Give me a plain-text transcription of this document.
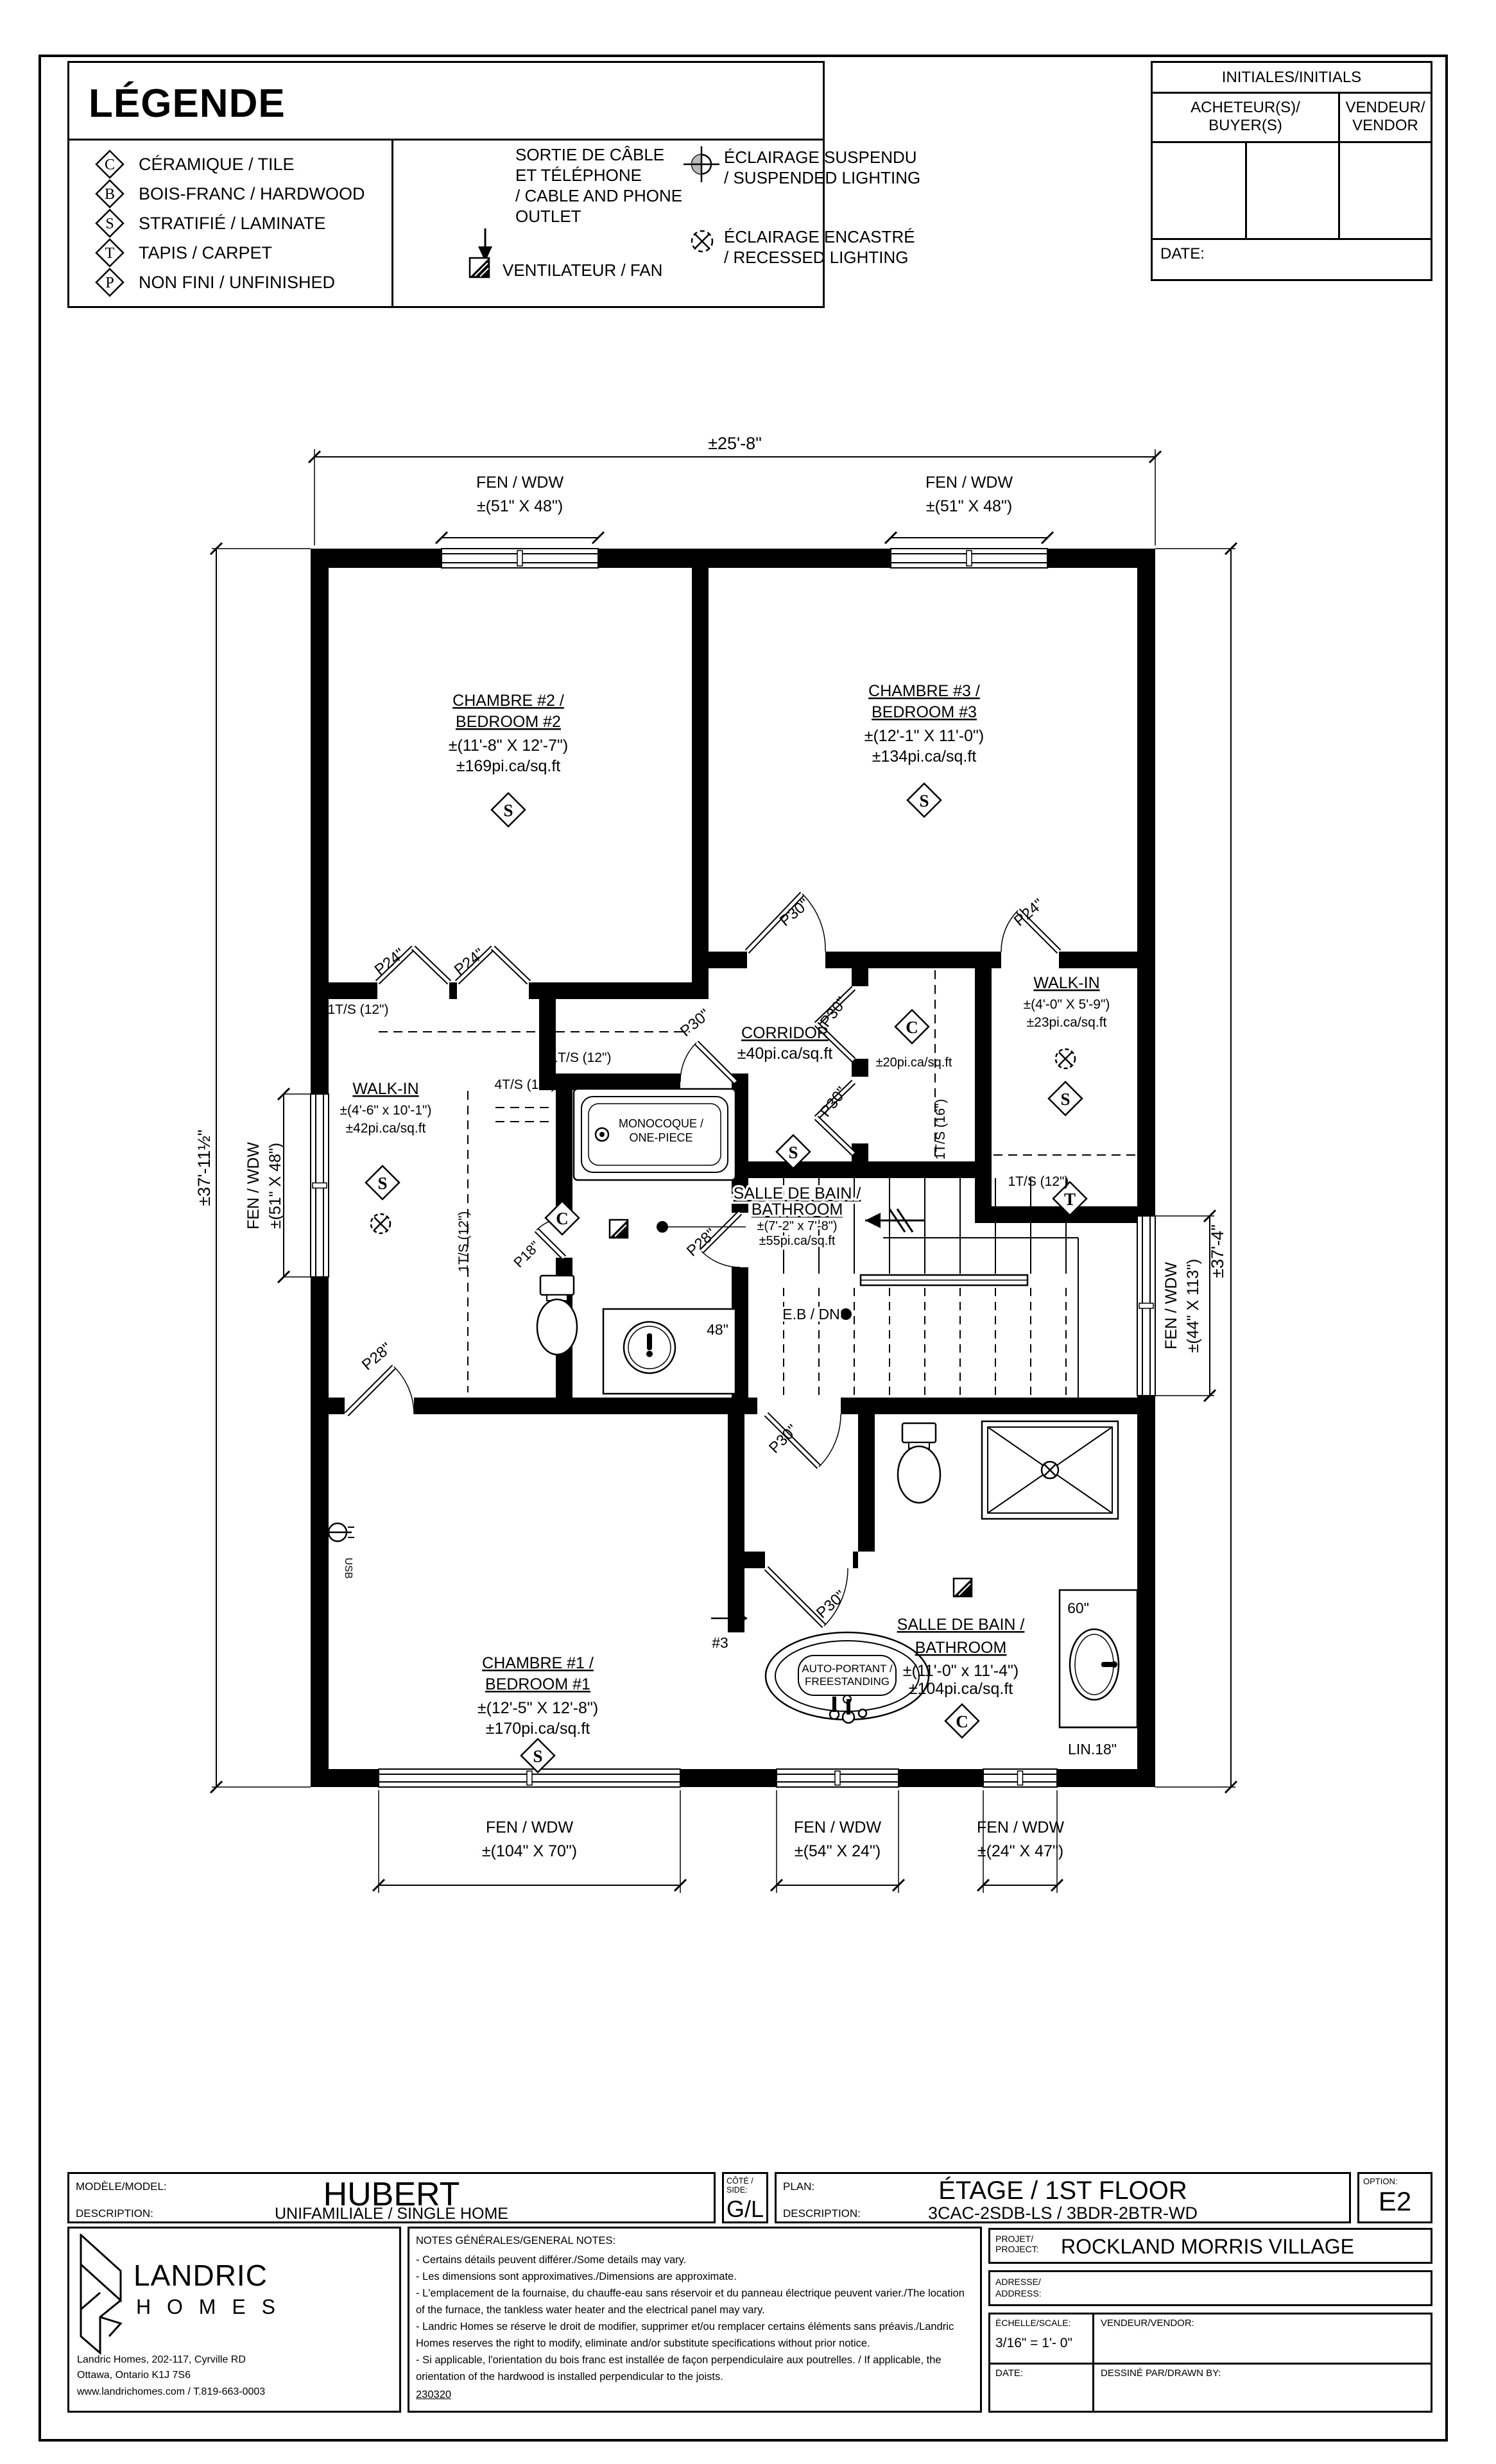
S	S
S
S
S
S
T
C
C
C
±25'-8"
±37'-11½"
±37'-4"
FEN / WDW
±(51" X 48")
FEN / WDW
±(51" X 48")
FEN / WDW ±(51" X 48")
FEN / WDW ±(44" X 113")
FEN / WDW
±(104" X 70")
FEN / WDW
±(54" X 24")
FEN / WDW
±(24" X 47")
CHAMBRE #2 /
BEDROOM #2
±(11'-8" X 12'-7")
±169pi.ca/sq.ft
CHAMBRE #3 /
BEDROOM #3
±(12'-1" X 11'-0")
±134pi.ca/sq.ft
CHAMBRE #1 /
BEDROOM #1
±(12'-5" X 12'-8")
±170pi.ca/sq.ft
WALK-IN
±(4'-6" x 10'-1")
±42pi.ca/sq.ft
WALK-IN
±(4'-0" X 5'-9")
±23pi.ca/sq.ft
CORRIDOR
±40pi.ca/sq.ft
SALLE DE BAIN /
BATHROOM
±(7'-2" x 7'-8")
±55pi.ca/sq.ft
SALLE DE BAIN /
BATHROOM
±(11'-0" x 11'-4")
±104pi.ca/sq.ft
±20pi.ca/sq.ft
MONOCOQUE /
ONE-PIECE
AUTO-PORTANT /
FREESTANDING
48"
60"
LIN.18"
E.B / DN
USB
#3
1T/S (12")
1T/S (12")
4T/S (16")
1T/S (12")
1T/S (16")
1T/S (12")
P24"	P24"
P30"	P24"
P30"	P30"
P30"
P28"
P18"
P28"
P30"
P30"
LÉGENDE
C CÉRAMIQUE / TILE
B BOIS-FRANC / HARDWOOD
S STRATIFIÉ / LAMINATE
T TAPIS / CARPET
P NON FINI / UNFINISHED
SORTIE DE CÂBLE
ET TÉLÉPHONE
/ CABLE AND PHONE
OUTLET
VENTILATEUR / FAN
ÉCLAIRAGE SUSPENDU
/ SUSPENDED LIGHTING
ÉCLAIRAGE ENCASTRÉ
/ RECESSED LIGHTING
INITIALES/INITIALS
ACHETEUR(S)/
BUYER(S)
VENDEUR/
VENDOR
DATE:
MODÈLE/MODEL:	HUBERT
DESCRIPTION:	UNIFAMILIALE / SINGLE HOME
CÔTÉ / SIDE:
G/L
PLAN:	ÉTAGE / 1ST FLOOR
DESCRIPTION:	3CAC-2SDB-LS / 3BDR-2BTR-WD
OPTION:
E2
LANDRIC
H O M E S
Landric Homes, 202-117, Cyrville RD
Ottawa, Ontario K1J 7S6
www.landrichomes.com / T.819-663-0003
NOTES GÉNÉRALES/GENERAL NOTES:
- Certains détails peuvent différer./Some details may vary.
- Les dimensions sont approximatives./Dimensions are approximate.
- L'emplacement de la fournaise, du chauffe-eau sans réservoir et du panneau électrique peuvent varier./The location
of the furnace, the tankless water heater and the electrical panel may vary.
- Landric Homes se réserve le droit de modifier, supprimer et/ou remplacer certains éléments sans préavis./Landric
Homes reserves the right to modify, eliminate and/or substitute specifications without prior notice.
- Si applicable, l'orientation du bois franc est installée de façon perpendiculaire aux poutrelles. / If applicable, the
orientation of the hardwood is installed perpendicular to the joists.
230320
PROJET/
PROJECT:	ROCKLAND MORRIS VILLAGE
ADRESSE/
ADDRESS:
ÉCHELLE/SCALE:
3/16" = 1'- 0"
VENDEUR/VENDOR:
DATE:	DESSINÉ PAR/DRAWN BY:
